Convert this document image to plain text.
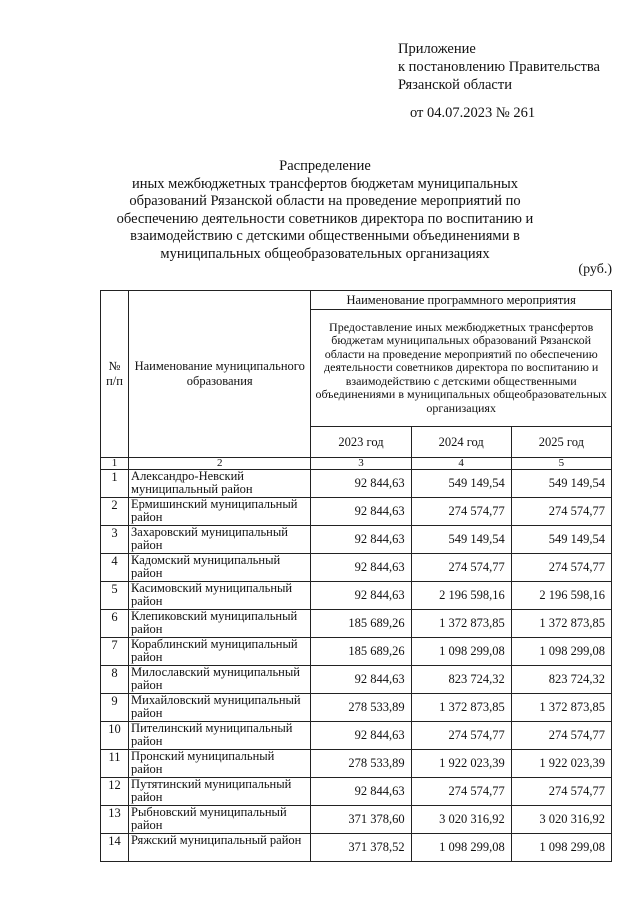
Приложение
к постановлению Правительства
Рязанской области
от 04.07.2023 № 261
Распределение
иных межбюджетных трансфертов бюджетам муниципальных
образований Рязанской области на проведение мероприятий по
обеспечению деятельности советников директора по воспитанию и
взаимодействию с детскими общественными объединениями в
муниципальных общеобразовательных организациях
(руб.)
№ п/п	Наименование муниципального образования	Наименование программного мероприятия		
		Предоставление иных межбюджетных трансфертов бюджетам муниципальных образований Рязанской области на проведение мероприятий по обеспечению деятельности советников директора по воспитанию и взаимодействию с детскими общественными объединениями в муниципальных общеобразовательных организациях		
		2023 год	2024 год	2025 год
1	2	3	4	5
1	Александро-Невский муниципальный район	92 844,63	549 149,54	549 149,54
2	Ермишинский муниципальный район	92 844,63	274 574,77	274 574,77
3	Захаровский муниципальный район	92 844,63	549 149,54	549 149,54
4	Кадомский муниципальный район	92 844,63	274 574,77	274 574,77
5	Касимовский муниципальный район	92 844,63	2 196 598,16	2 196 598,16
6	Клепиковский муниципальный район	185 689,26	1 372 873,85	1 372 873,85
7	Кораблинский муниципальный район	185 689,26	1 098 299,08	1 098 299,08
8	Милославский муниципальный район	92 844,63	823 724,32	823 724,32
9	Михайловский муниципальный район	278 533,89	1 372 873,85	1 372 873,85
10	Пителинский муниципальный район	92 844,63	274 574,77	274 574,77
11	Пронский муниципальный район	278 533,89	1 922 023,39	1 922 023,39
12	Путятинский муниципальный район	92 844,63	274 574,77	274 574,77
13	Рыбновский муниципальный район	371 378,60	3 020 316,92	3 020 316,92
14	Ряжский муниципальный район	371 378,52	1 098 299,08	1 098 299,08
